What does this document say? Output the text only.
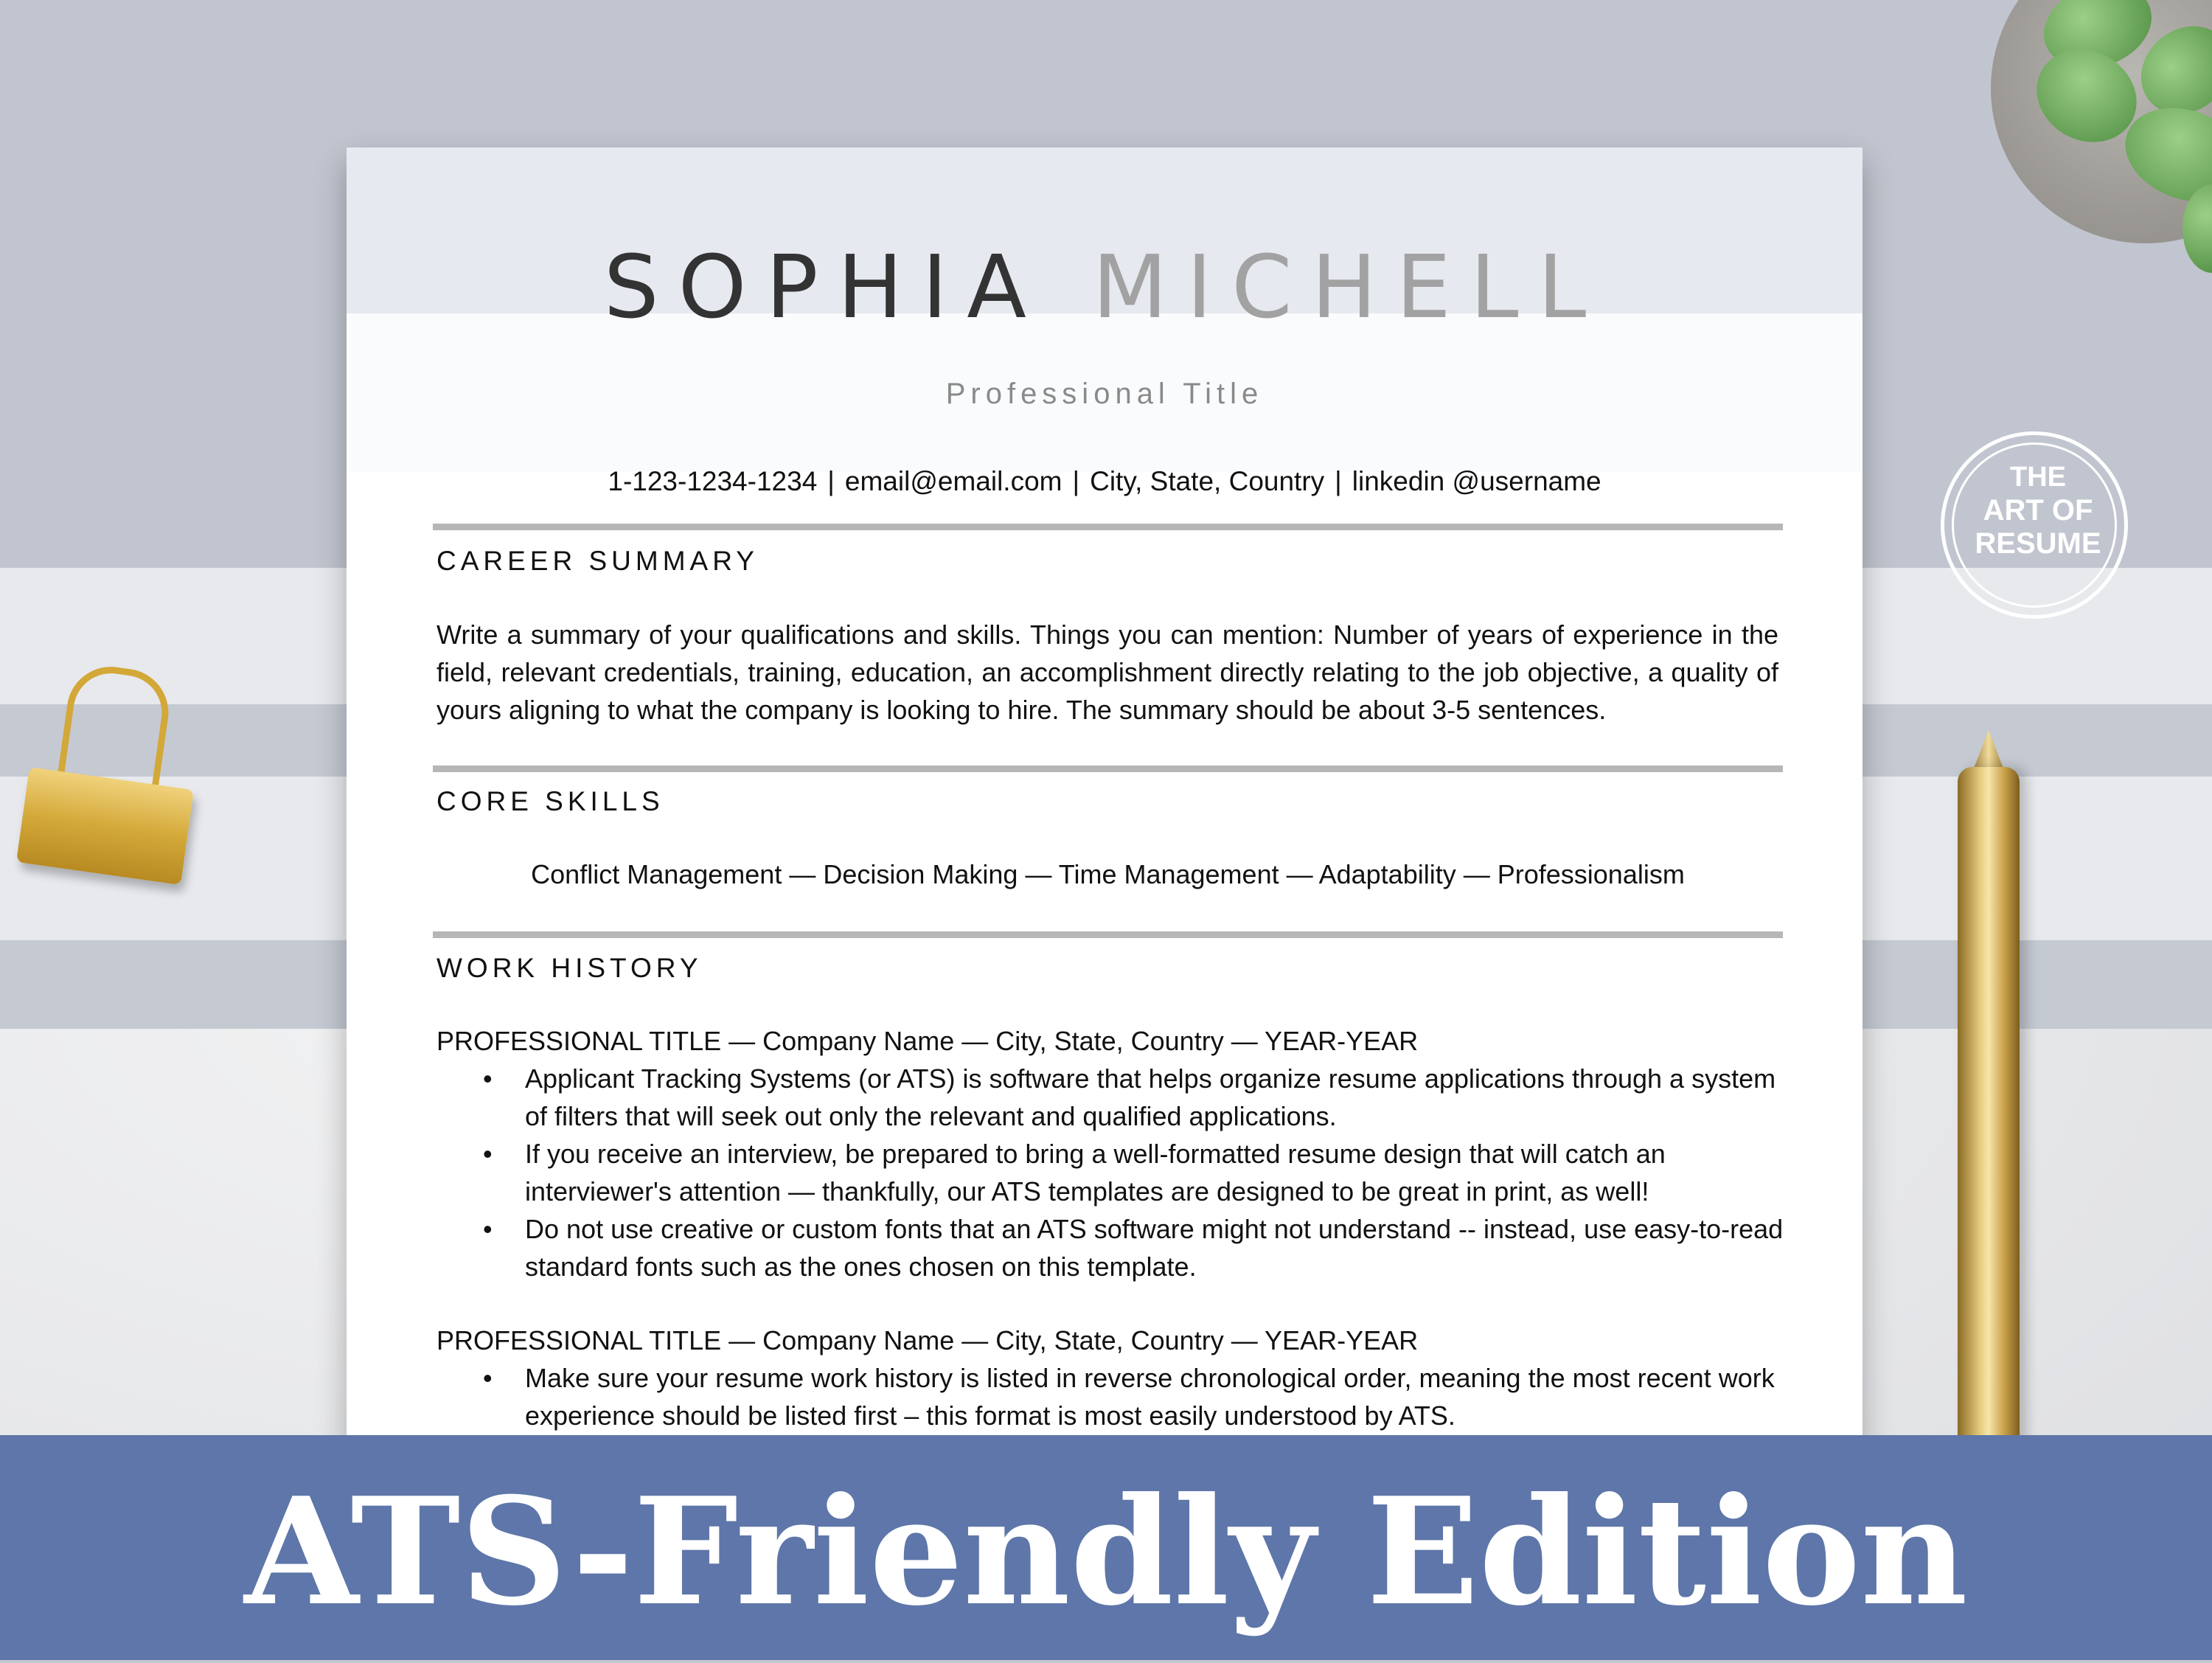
THE
ART OF
RESUME
SOPHIA MICHELL
Professional Title
1-123-1234-1234 | email@email.com | City, State, Country | linkedin @username
CAREER SUMMARY
Write a summary of your qualifications and skills. Things you can mention: Number of years of experience in the field, relevant credentials, training, education, an accomplishment directly relating to the job objective, a quality of yours aligning to what the company is looking to hire. The summary should be about 3-5 sentences.
CORE SKILLS
Conflict Management — Decision Making — Time Management — Adaptability — Professionalism
WORK HISTORY
PROFESSIONAL TITLE — Company Name — City, State, Country — YEAR-YEAR
• Applicant Tracking Systems (or ATS) is software that helps organize resume applications through a system of filters that will seek out only the relevant and qualified applications.
• If you receive an interview, be prepared to bring a well-formatted resume design that will catch an interviewer's attention — thankfully, our ATS templates are designed to be great in print, as well!
• Do not use creative or custom fonts that an ATS software might not understand -- instead, use easy-to-read standard fonts such as the ones chosen on this template.
PROFESSIONAL TITLE — Company Name — City, State, Country — YEAR-YEAR
• Make sure your resume work history is listed in reverse chronological order, meaning the most recent work experience should be listed first – this format is most easily understood by ATS.
ATS-Friendly Edition
